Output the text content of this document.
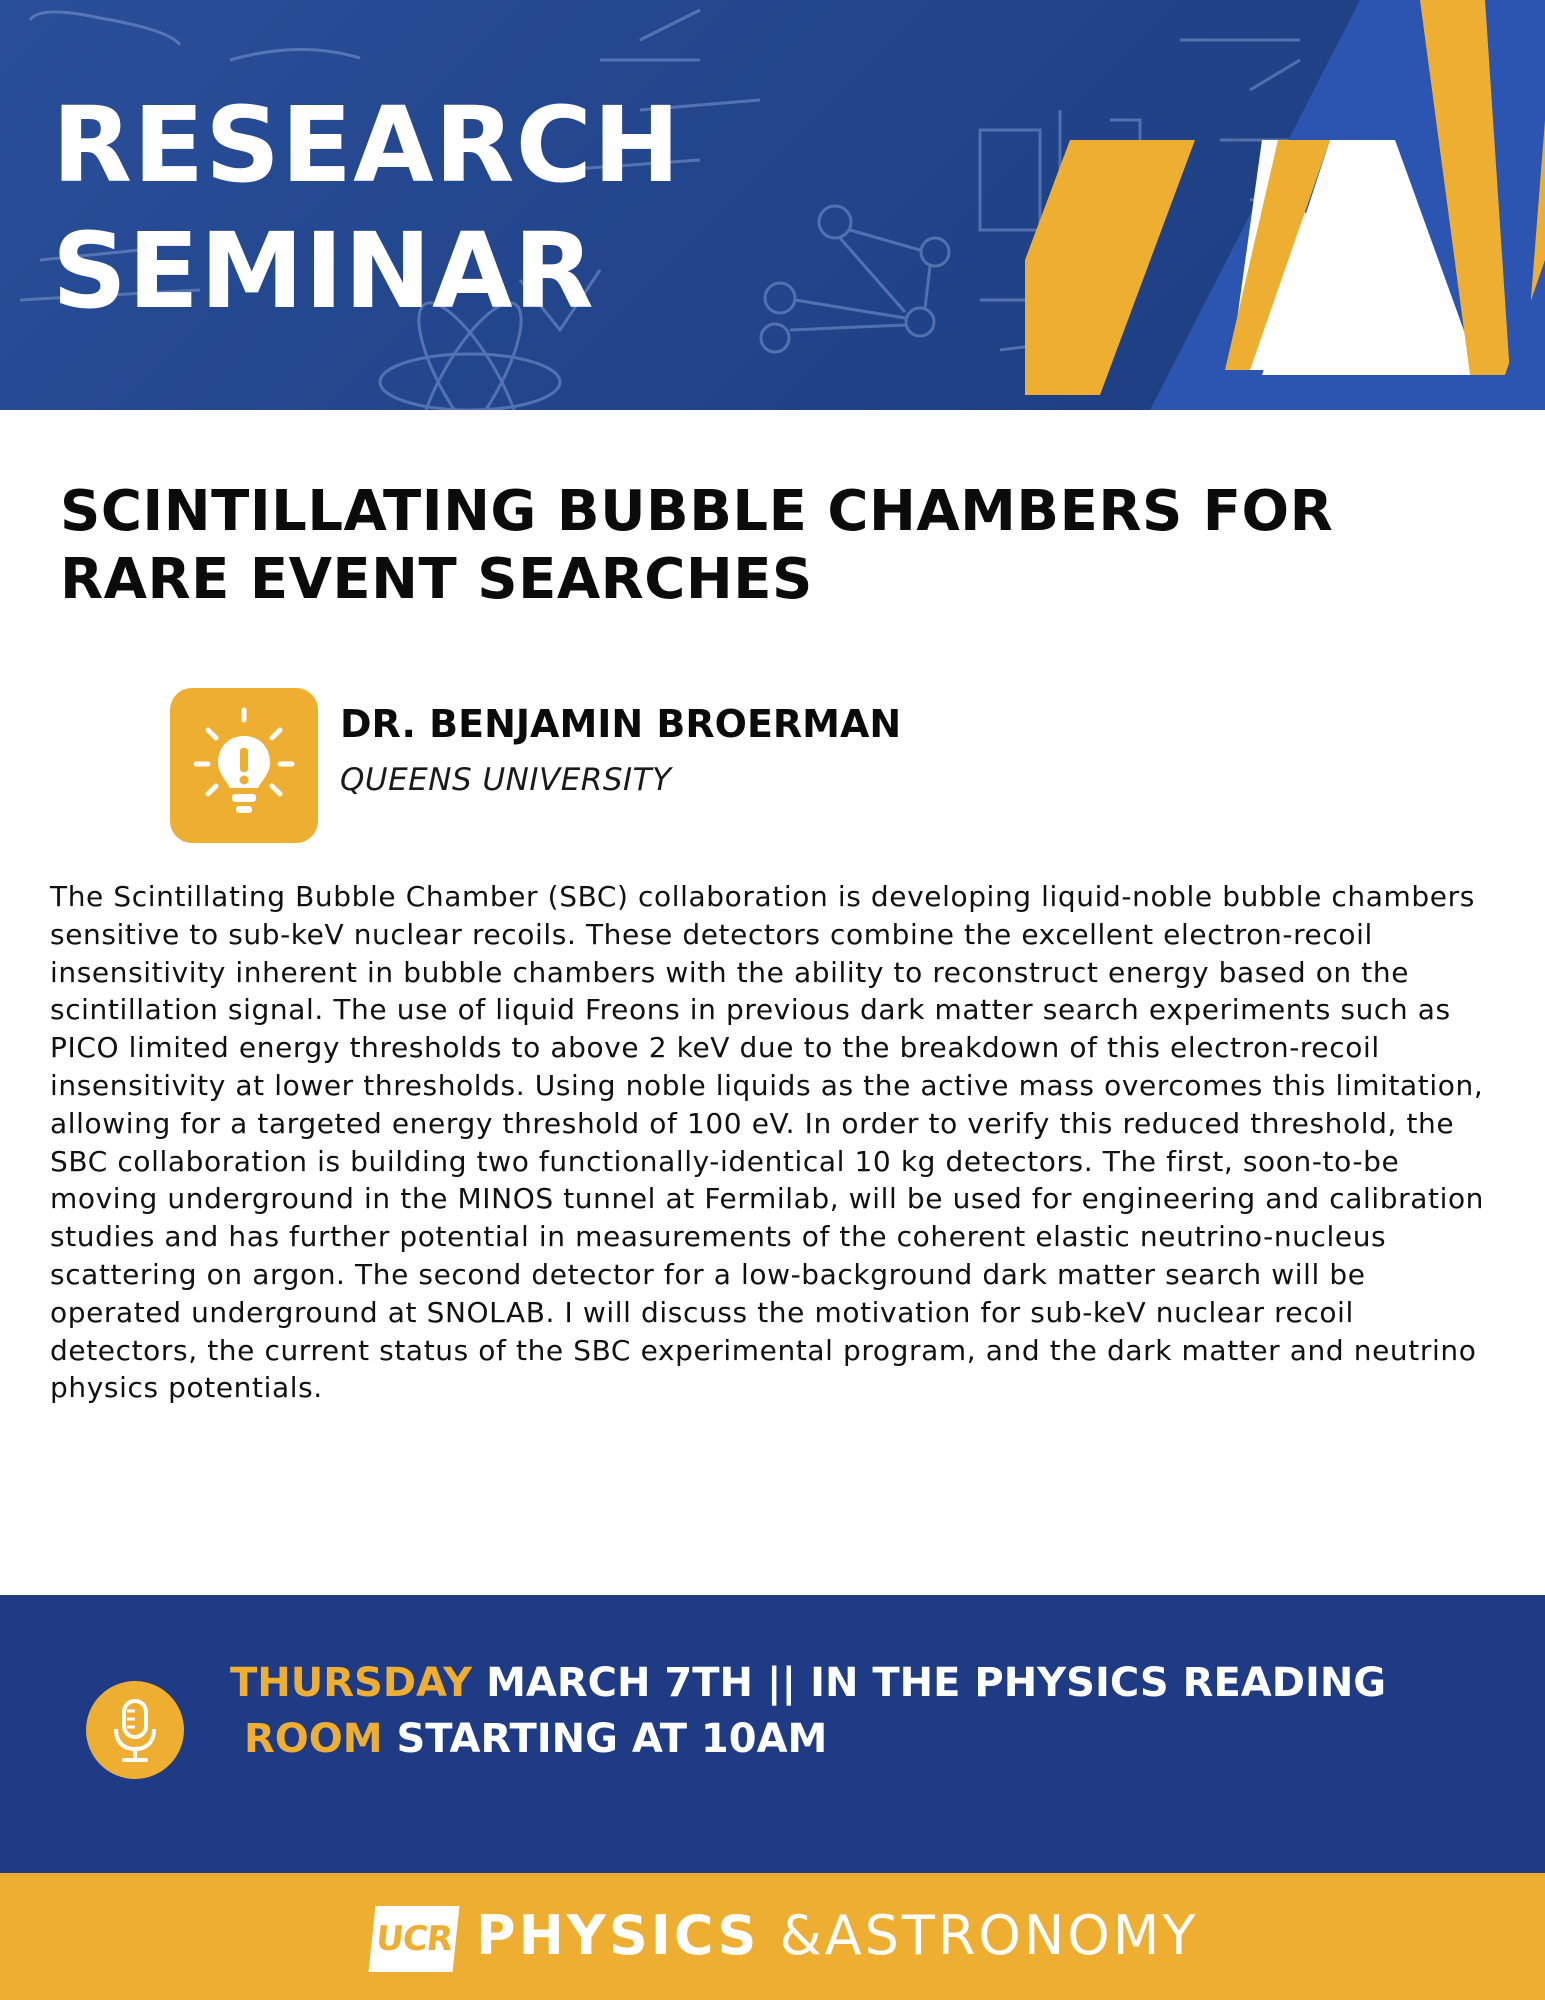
RESEARCH
SEMINAR
SCINTILLATING BUBBLE CHAMBERS FOR
RARE EVENT SEARCHES

DR. BENJAMIN BROERMAN

QUEENS UNIVERSITY

The Scintillating Bubble Chamber (SBC) collaboration is developing liquid-noble bubble chambers sensitive to sub-keV nuclear recoils. These detectors combine the excellent electron-recoil insensitivity inherent in bubble chambers with the ability to reconstruct energy based on the scintillation signal. The use of liquid Freons in previous dark matter search experiments such as PICO limited energy thresholds to above 2 keV due to the breakdown of this electron-recoil insensitivity at lower thresholds. Using noble liquids as the active mass overcomes this limitation, allowing for a targeted energy threshold of 100 eV. In order to verify this reduced threshold, the SBC collaboration is building two functionally-identical 10 kg detectors. The first, soon-to-be moving underground in the MINOS tunnel at Fermilab, will be used for engineering and calibration studies and has further potential in measurements of the coherent elastic neutrino-nucleus scattering on argon. The second detector for a low-background dark matter search will be operated underground at SNOLAB. I will discuss the motivation for sub-keV nuclear recoil detectors, the current status of the SBC experimental program, and the dark matter and neutrino physics potentials.

THURSDAY MARCH 7TH || IN THE PHYSICS READING
ROOM STARTING AT 10AM

UCR PHYSICS &ASTRONOMY
